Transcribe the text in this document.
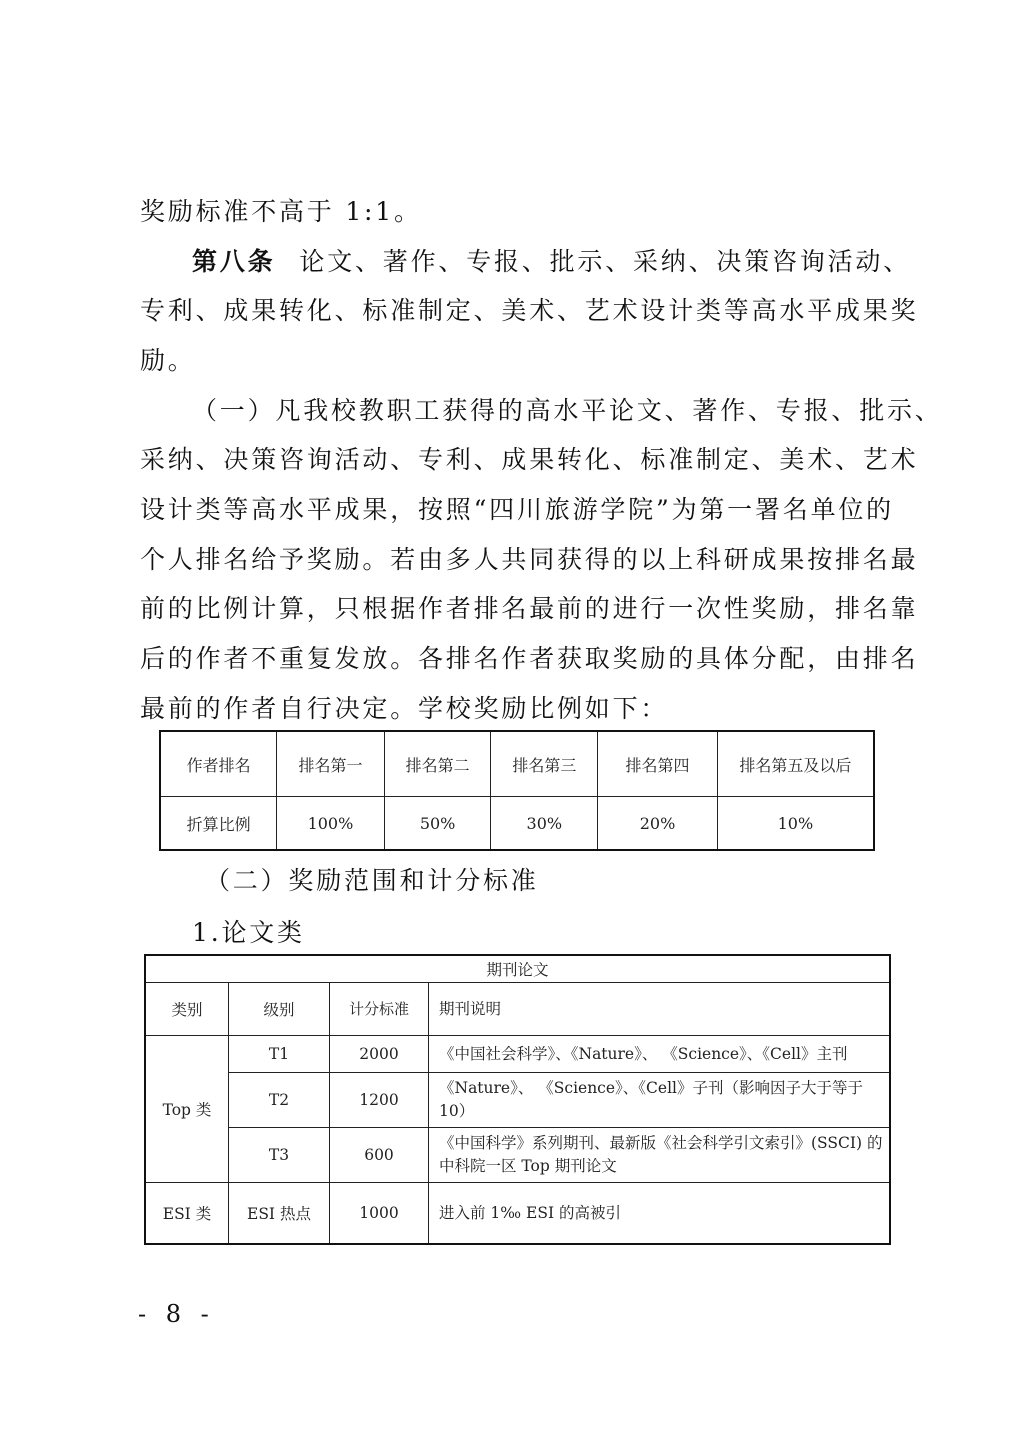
奖励标准不高于 1:1。
第八条 论文、著作、专报、批示、采纳、决策咨询活动、
专利、成果转化、标准制定、美术、艺术设计类等高水平成果奖
励。
（一）凡我校教职工获得的高水平论文、著作、专报、批示、
采纳、决策咨询活动、专利、成果转化、标准制定、美术、艺术
设计类等高水平成果，按照“四川旅游学院”为第一署名单位的
个人排名给予奖励。若由多人共同获得的以上科研成果按排名最
前的比例计算，只根据作者排名最前的进行一次性奖励，排名靠
后的作者不重复发放。各排名作者获取奖励的具体分配，由排名
最前的作者自行决定。学校奖励比例如下：
作者排名	排名第一	排名第二	排名第三	排名第四	排名第五及以后
折算比例	100%	50%	30%	20%	10%
（二）奖励范围和计分标准
1.论文类
期刊论文			
类别	级别	计分标准	期刊说明
Top 类	T1	2000	《中国社会科学》、《Nature》、 《Science》、《Cell》主刊
	T2	1200	《Nature》、 《Science》、《Cell》子刊（影响因子大于等于10）
	T3	600	《中国科学》系列期刊、最新版《社会科学引文索引》(SSCI) 的中科院一区 Top 期刊论文
ESI 类	ESI 热点	1000	进入前 1‰ ESI 的高被引
- 8 -
